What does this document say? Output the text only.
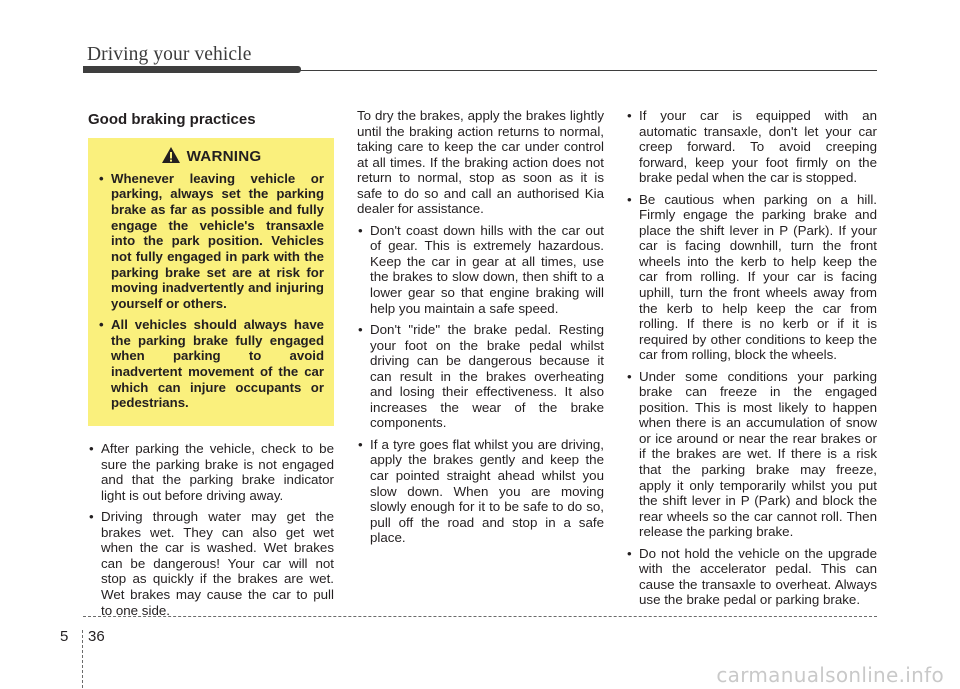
Driving your vehicle
Good braking practices
WARNING
• Whenever leaving vehicle or parking, always set the parking brake as far as possible and fully engage the vehicle's transaxle into the park position. Vehicles not fully engaged in park with the parking brake set are at risk for moving inadvertently and injuring yourself or others.
• All vehicles should always have the parking brake fully engaged when parking to avoid inadvertent movement of the car which can injure occupants or pedestrians.
• After parking the vehicle, check to be sure the parking brake is not engaged and that the parking brake indicator light is out before driving away.
• Driving through water may get the brakes wet. They can also get wet when the car is washed. Wet brakes can be dangerous! Your car will not stop as quickly if the brakes are wet. Wet brakes may cause the car to pull to one side.

To dry the brakes, apply the brakes lightly until the braking action returns to normal, taking care to keep the car under control at all times. If the braking action does not return to normal, stop as soon as it is safe to do so and call an authorised Kia dealer for assistance.

• Don't coast down hills with the car out of gear. This is extremely hazardous. Keep the car in gear at all times, use the brakes to slow down, then shift to a lower gear so that engine braking will help you maintain a safe speed.
• Don't "ride" the brake pedal. Resting your foot on the brake pedal whilst driving can be dangerous because it can result in the brakes overheating and losing their effectiveness. It also increases the wear of the brake components.
• If a tyre goes flat whilst you are driving, apply the brakes gently and keep the car pointed straight ahead whilst you slow down. When you are moving slowly enough for it to be safe to do so, pull off the road and stop in a safe place.
• If your car is equipped with an automatic transaxle, don't let your car creep forward. To avoid creeping forward, keep your foot firmly on the brake pedal when the car is stopped.
• Be cautious when parking on a hill. Firmly engage the parking brake and place the shift lever in P (Park). If your car is facing downhill, turn the front wheels into the kerb to help keep the car from rolling. If your car is facing uphill, turn the front wheels away from the kerb to help keep the car from rolling. If there is no kerb or if it is required by other conditions to keep the car from rolling, block the wheels.
• Under some conditions your parking brake can freeze in the engaged position. This is most likely to happen when there is an accumulation of snow or ice around or near the rear brakes or if the brakes are wet. If there is a risk that the parking brake may freeze, apply it only temporarily whilst you put the shift lever in P (Park) and block the rear wheels so the car cannot roll. Then release the parking brake.
• Do not hold the vehicle on the upgrade with the accelerator pedal. This can cause the transaxle to overheat. Always use the brake pedal or parking brake.
5 36
carmanualsonline.info
